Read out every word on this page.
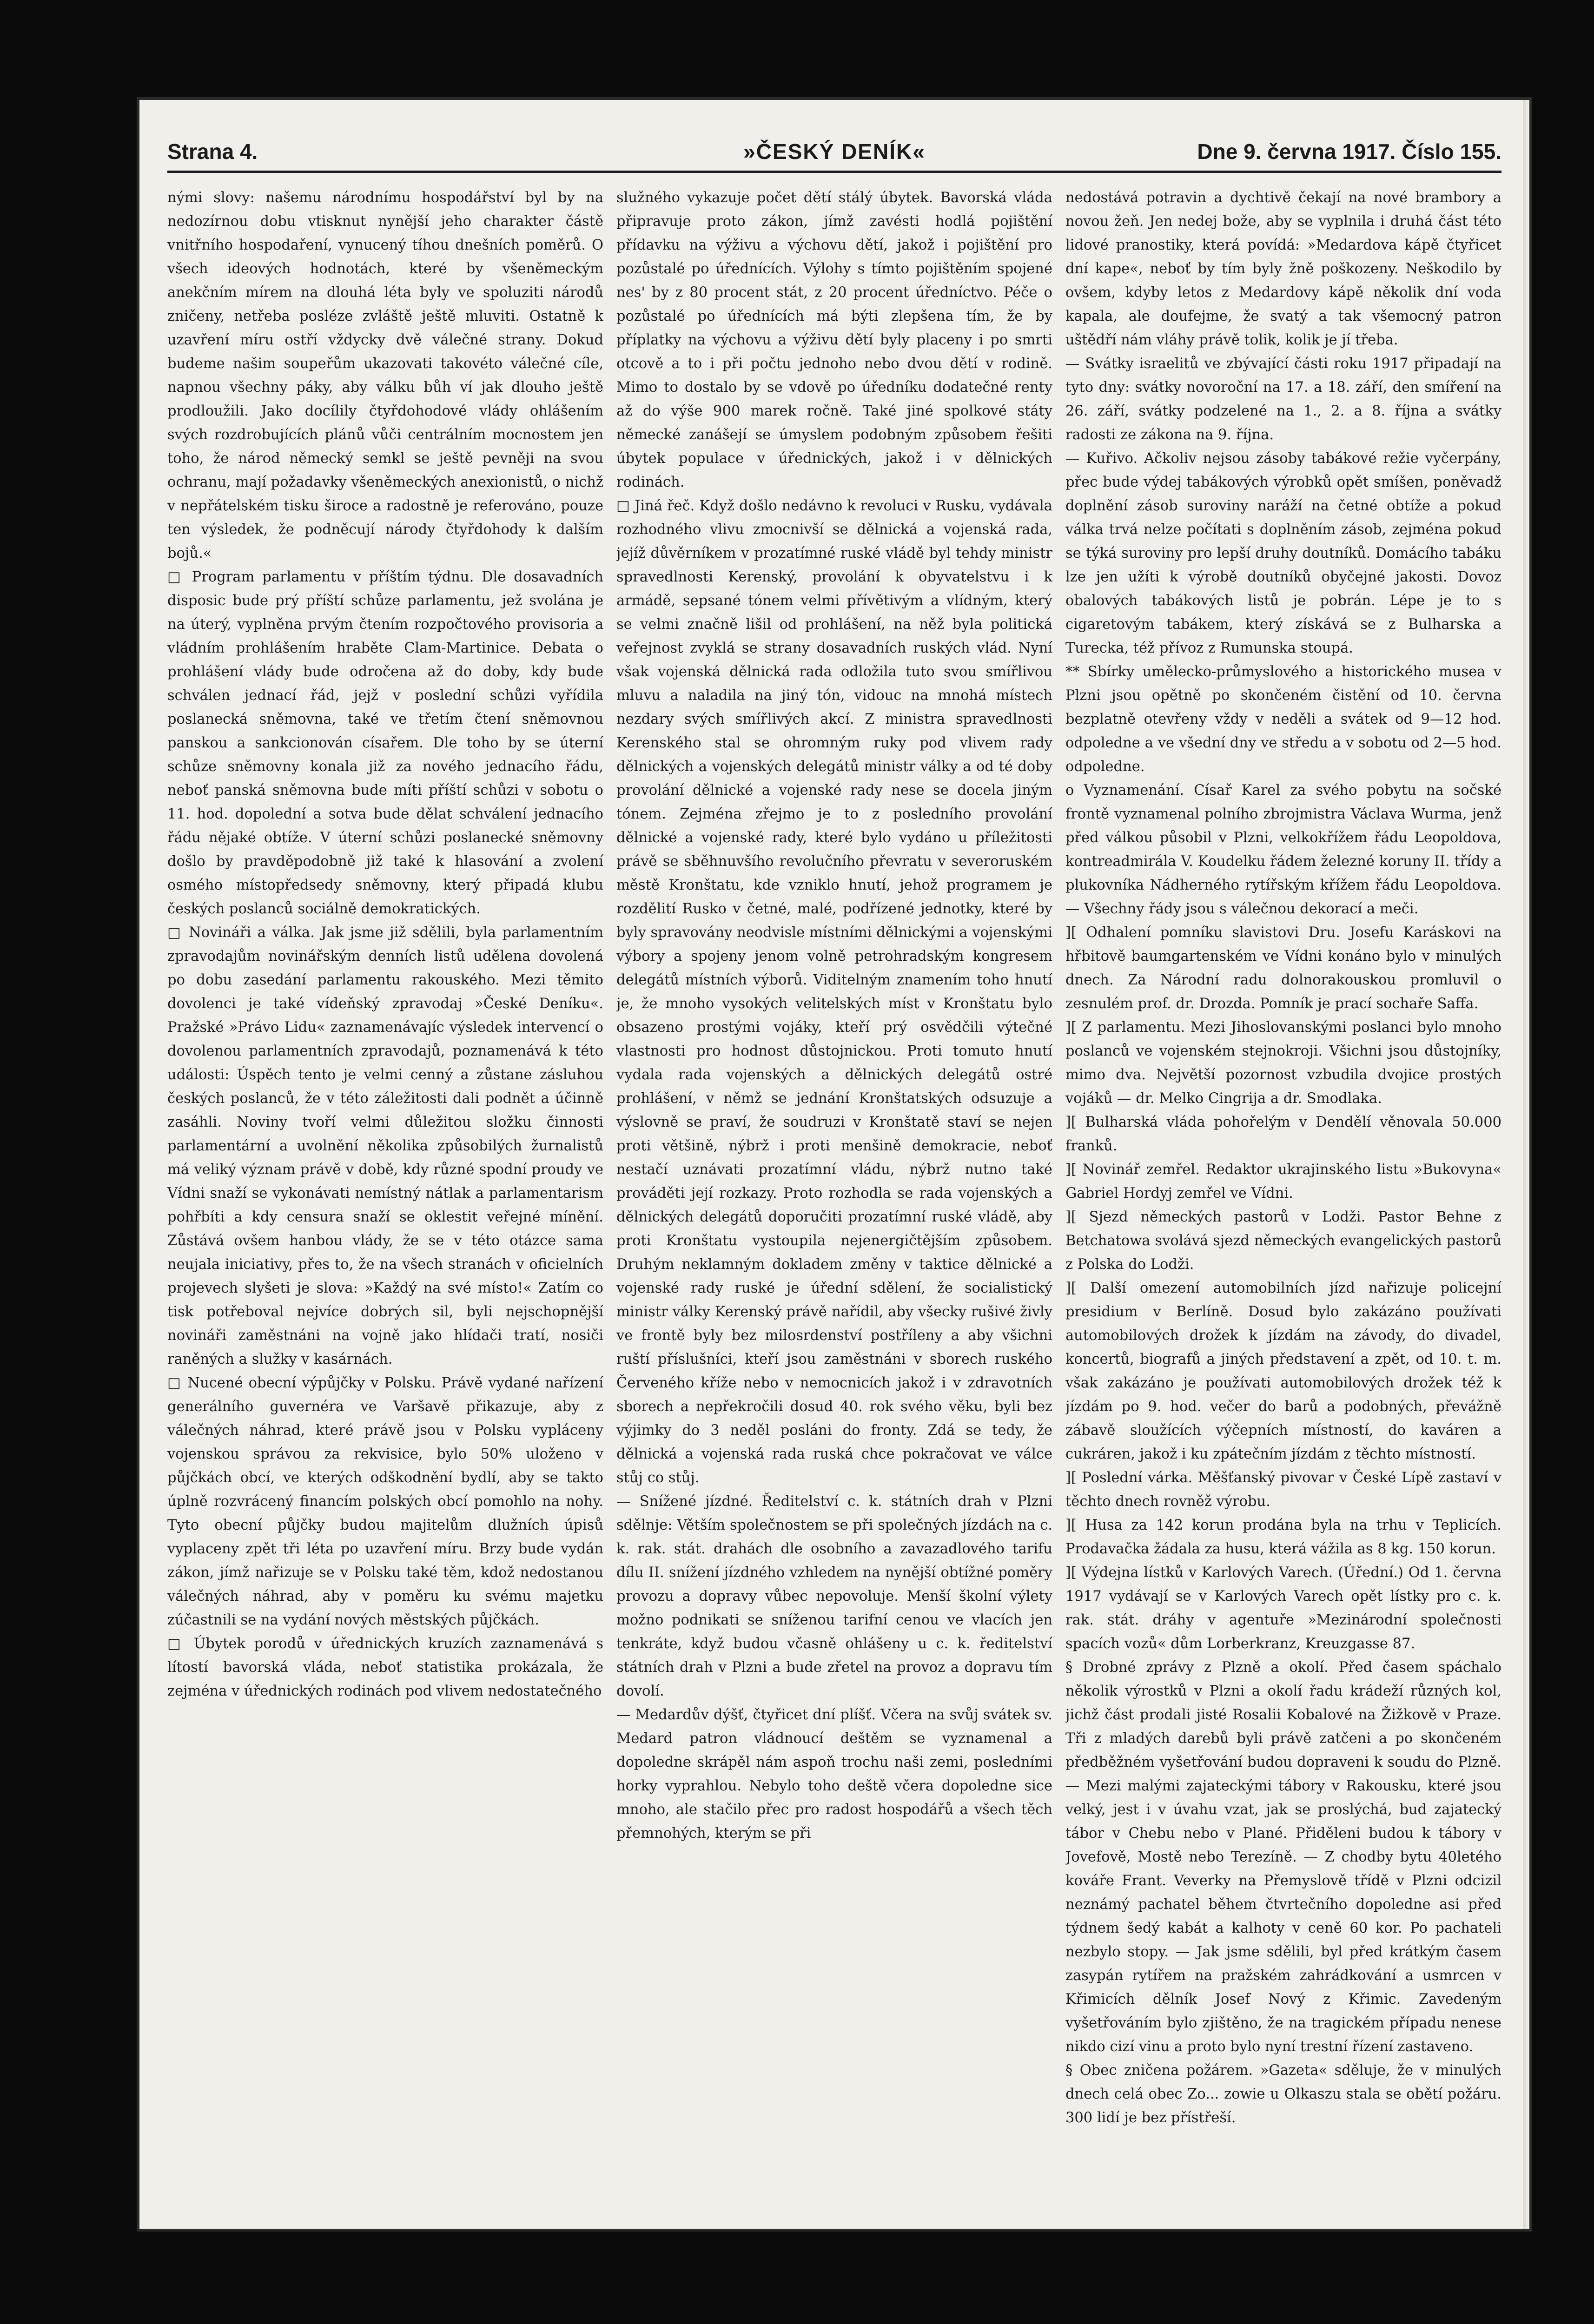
Strana 4.	»ČESKÝ DENÍK«	Dne 9. června 1917. Číslo 155.

nými slovy: našemu národnímu hospodářství byl by na nedozírnou dobu vtisknut nynější jeho charakter částě vnitřního hospodaření, vynucený tíhou dnešních poměrů. O všech ideových hodnotách, které by všeněmeckým anekčním mírem na dlouhá léta byly ve spoluziti národů zničeny, netřeba posléze zvláště ještě mluviti. Ostatně k uzavření míru ostří vždycky dvě válečné strany. Dokud budeme našim soupeřům ukazovati takovéto válečné cíle, napnou všechny páky, aby válku bůh ví jak dlouho ještě prodloužili. Jako docílily čtyřdohodové vlády ohlášením svých rozdrobujících plánů vůči centrálním mocnostem jen toho, že národ německý semkl se ještě pevněji na svou ochranu, mají požadavky všeněmeckých anexionistů, o nichž v nepřátelském tisku široce a radostně je referováno, pouze ten výsledek, že podněcují národy čtyřdohody k dalším bojů.«

□ Program parlamentu v příštím týdnu. Dle dosavadních disposic bude prý příští schůze parlamentu, jež svolána je na úterý, vyplněna prvým čtením rozpočtového provisoria a vládním prohlášením hraběte Clam-Martinice. Debata o prohlášení vlády bude odročena až do doby, kdy bude schválen jednací řád, jejž v poslední schůzi vyřídila poslanecká sněmovna, také ve třetím čtení sněmovnou panskou a sankcionován císařem. Dle toho by se úterní schůze sněmovny konala již za nového jednacího řádu, neboť panská sněmovna bude míti příští schůzi v sobotu o 11. hod. dopolední a sotva bude dělat schválení jednacího řádu nějaké obtíže. V úterní schůzi poslanecké sněmovny došlo by pravděpodobně již také k hlasování a zvolení osmého místopředsedy sněmovny, který připadá klubu českých poslanců sociálně demokratických.

□ Novináři a válka. Jak jsme již sdělili, byla parlamentním zpravodajům novinářským denních listů udělena dovolená po dobu zasedání parlamentu rakouského. Mezi těmito dovolenci je také vídeňský zpravodaj »České Deníku«. Pražské »Právo Lidu« zaznamenávajíc výsledek intervencí o dovolenou parlamentních zpravodajů, poznamenává k této události: Úspěch tento je velmi cenný a zůstane zásluhou českých poslanců, že v této záležitosti dali podnět a účinně zasáhli. Noviny tvoří velmi důležitou složku činnosti parlamentární a uvolnění několika způsobilých žurnalistů má veliký význam právě v době, kdy různé spodní proudy ve Vídni snaží se vykonávati nemístný nátlak a parlamentarism pohřbíti a kdy censura snaží se oklestit veřejné mínění. Zůstává ovšem hanbou vlády, že se v této otázce sama neujala iniciativy, přes to, že na všech stranách v oficielních projevech slyšeti je slova: »Každý na své místo!« Zatím co tisk potřeboval nejvíce dobrých sil, byli nejschopnější novináři zaměstnáni na vojně jako hlídači tratí, nosiči raněných a služky v kasárnách.

□ Nucené obecní výpůjčky v Polsku. Právě vydané nařízení generálního guvernéra ve Varšavě přikazuje, aby z válečných náhrad, které právě jsou v Polsku vypláceny vojenskou správou za rekvisice, bylo 50% uloženo v půjčkách obcí, ve kterých odškodnění bydlí, aby se takto úplně rozvrácený financím polských obcí pomohlo na nohy. Tyto obecní půjčky budou majitelům dlužních úpisů vyplaceny zpět tři léta po uzavření míru. Brzy bude vydán zákon, jímž nařizuje se v Polsku také těm, kdož nedostanou válečných náhrad, aby v poměru ku svému majetku zúčastnili se na vydání nových městských půjčkách.

□ Úbytek porodů v úřednických kruzích zaznamenává s lítostí bavorská vláda, neboť statistika prokázala, že zejména v úřednických rodinách pod vlivem nedostatečného

služného vykazuje počet dětí stálý úbytek. Bavorská vláda připravuje proto zákon, jímž zavésti hodlá pojištění přídavku na výživu a výchovu dětí, jakož i pojištění pro pozůstalé po úřednících. Výlohy s tímto pojištěním spojené nes' by z 80 procent stát, z 20 procent úředníctvo. Péče o pozůstalé po úřednících má býti zlepšena tím, že by příplatky na výchovu a výživu dětí byly placeny i po smrti otcově a to i při počtu jednoho nebo dvou dětí v rodině. Mimo to dostalo by se vdově po úředníku dodatečné renty až do výše 900 marek ročně. Také jiné spolkové státy německé zanášejí se úmyslem podobným způsobem řešiti úbytek populace v úřednických, jakož i v dělnických rodinách.

□ Jiná řeč. Když došlo nedávno k revoluci v Rusku, vydávala rozhodného vlivu zmocnivší se dělnická a vojenská rada, jejíž důvěrníkem v prozatímné ruské vládě byl tehdy ministr spravedlnosti Kerenský, provolání k obyvatelstvu i k armádě, sepsané tónem velmi přívětivým a vlídným, který se velmi značně lišil od prohlášení, na něž byla politická veřejnost zvyklá se strany dosavadních ruských vlád. Nyní však vojenská dělnická rada odložila tuto svou smířlivou mluvu a naladila na jiný tón, vidouc na mnohá místech nezdary svých smířlivých akcí. Z ministra spravedlnosti Kerenského stal se ohromným ruky pod vlivem rady dělnických a vojenských delegátů ministr války a od té doby provolání dělnické a vojenské rady nese se docela jiným tónem. Zejména zřejmo je to z posledního provolání dělnické a vojenské rady, které bylo vydáno u příležitosti právě se sběhnuvšího revolučního převratu v severoruském městě Kronštatu, kde vzniklo hnutí, jehož programem je rozdělití Rusko v četné, malé, podřízené jednotky, které by byly spravovány neodvisle místními dělnickými a vojenskými výbory a spojeny jenom volně petrohradským kongresem delegátů místních výborů. Viditelným znamením toho hnutí je, že mnoho vysokých velitelských míst v Kronštatu bylo obsazeno prostými vojáky, kteří prý osvědčili výtečné vlastnosti pro hodnost důstojnickou. Proti tomuto hnutí vydala rada vojenských a dělnických delegátů ostré prohlášení, v němž se jednání Kronštatských odsuzuje a výslovně se praví, že soudruzi v Kronštatě staví se nejen proti většině, nýbrž i proti menšině demokracie, neboť nestačí uznávati prozatímní vládu, nýbrž nutno také prováděti její rozkazy. Proto rozhodla se rada vojenských a dělnických delegátů doporučiti prozatímní ruské vládě, aby proti Kronštatu vystoupila nejenergičtějším způsobem. Druhým neklamným dokladem změny v taktice dělnické a vojenské rady ruské je úřední sdělení, že socialistický ministr války Kerenský právě nařídil, aby všecky rušivé živly ve frontě byly bez milosrdenství postříleny a aby všichni ruští příslušníci, kteří jsou zaměstnáni v sborech ruského Červeného kříže nebo v nemocnicích jakož i v zdravotních sborech a nepřekročili dosud 40. rok svého věku, byli bez výjimky do 3 neděl posláni do fronty. Zdá se tedy, že dělnická a vojenská rada ruská chce pokračovat ve válce stůj co stůj.

— Snížené jízdné. Ředitelství c. k. státních drah v Plzni sdělnje: Větším společnostem se při společných jízdách na c. k. rak. stát. drahách dle osobního a zavazadlového tarifu dílu II. snížení jízdného vzhledem na nynější obtížné poměry provozu a dopravy vůbec nepovoluje. Menší školní výlety možno podnikati se sníženou tarifní cenou ve vlacích jen tenkráte, když budou včasně ohlášeny u c. k. ředitelství státních drah v Plzni a bude zřetel na provoz a dopravu tím dovolí.

— Medardův dýšť, čtyřicet dní plíšť. Včera na svůj svátek sv. Medard patron vládnoucí deštěm se vyznamenal a dopoledne skrápěl nám aspoň trochu naši zemi, posledními horky vyprahlou. Nebylo toho deště včera dopoledne sice mnoho, ale stačilo přec pro radost hospodářů a všech těch přemnohých, kterým se při

nedostává potravin a dychtivě čekají na nové brambory a novou žeň. Jen nedej bože, aby se vyplnila i druhá část této lidové pranostiky, která povídá: »Medardova kápě čtyřicet dní kape«, neboť by tím byly žně poškozeny. Neškodilo by ovšem, kdyby letos z Medardovy kápě několik dní voda kapala, ale doufejme, že svatý a tak všemocný patron uštědří nám vláhy právě tolik, kolik je jí třeba.

— Svátky israelitů ve zbývající části roku 1917 připadají na tyto dny: svátky novoroční na 17. a 18. září, den smíření na 26. září, svátky podzelené na 1., 2. a 8. října a svátky radosti ze zákona na 9. října.

— Kuřivo. Ačkoliv nejsou zásoby tabákové režie vyčerpány, přec bude výdej tabákových výrobků opět smíšen, poněvadž doplnění zásob suroviny naráží na četné obtíže a pokud válka trvá nelze počítati s doplněním zásob, zejména pokud se týká suroviny pro lepší druhy doutníků. Domácího tabáku lze jen užíti k výrobě doutníků obyčejné jakosti. Dovoz obalových tabákových listů je pobrán. Lépe je to s cigaretovým tabákem, který získává se z Bulharska a Turecka, též přívoz z Rumunska stoupá.

** Sbírky umělecko-průmyslového a historického musea v Plzni jsou opětně po skončeném čistění od 10. června bezplatně otevřeny vždy v neděli a svátek od 9—12 hod. odpoledne a ve všední dny ve středu a v sobotu od 2—5 hod. odpoledne.

o Vyznamenání. Císař Karel za svého pobytu na sočské frontě vyznamenal polního zbrojmistra Václava Wurma, jenž před válkou působil v Plzni, velkokřížem řádu Leopoldova, kontreadmirála V. Koudelku řádem železné koruny II. třídy a plukovníka Nádherného rytířským křížem řádu Leopoldova. — Všechny řády jsou s válečnou dekorací a meči.

][ Odhalení pomníku slavistovi Dru. Josefu Karáskovi na hřbitově baumgartenském ve Vídni konáno bylo v minulých dnech. Za Národní radu dolnorakouskou promluvil o zesnulém prof. dr. Drozda. Pomník je prací sochaře Saffa.

][ Z parlamentu. Mezi Jihoslovanskými poslanci bylo mnoho poslanců ve vojenském stejnokroji. Všichni jsou důstojníky, mimo dva. Největší pozornost vzbudila dvojice prostých vojáků — dr. Melko Cingrija a dr. Smodlaka.

][ Bulharská vláda pohořelým v Dendělí věnovala 50.000 franků.

][ Novinář zemřel. Redaktor ukrajinského listu »Bukovyna« Gabriel Hordyj zemřel ve Vídni.

][ Sjezd německých pastorů v Lodži. Pastor Behne z Betchatowa svolává sjezd německých evangelických pastorů z Polska do Lodži.

][ Další omezení automobilních jízd nařizuje policejní presidium v Berlíně. Dosud bylo zakázáno používati automobilových drožek k jízdám na závody, do divadel, koncertů, biografů a jiných představení a zpět, od 10. t. m. však zakázáno je používati automobilových drožek též k jízdám po 9. hod. večer do barů a podobných, převážně zábavě sloužících výčepních místností, do kaváren a cukráren, jakož i ku zpátečním jízdám z těchto místností.

][ Poslední várka. Měšťanský pivovar v České Lípě zastaví v těchto dnech rovněž výrobu.

][ Husa za 142 korun prodána byla na trhu v Teplicích. Prodavačka žádala za husu, která vážila as 8 kg. 150 korun.

][ Výdejna lístků v Karlových Varech. (Úřední.) Od 1. června 1917 vydávají se v Karlových Varech opět lístky pro c. k. rak. stát. dráhy v agentuře »Mezinárodní společnosti spacích vozů« dům Lorberkranz, Kreuzgasse 87.

§ Drobné zprávy z Plzně a okolí. Před časem spáchalo několik výrostků v Plzni a okolí řadu krádeží různých kol, jichž část prodali jisté Rosalii Kobalové na Žižkově v Praze. Tři z mladých darebů byli právě zatčeni a po skončeném předběžném vyšetřování budou dopraveni k soudu do Plzně. — Mezi malými zajateckými tábory v Rakousku, které jsou velký, jest i v úvahu vzat, jak se proslýchá, bud zajatecký tábor v Chebu nebo v Plané. Přiděleni budou k tábory v Jovefově, Mostě nebo Terezíně. — Z chodby bytu 40letého kováře Frant. Veverky na Přemyslově třídě v Plzni odcizil neznámý pachatel během čtvrtečního dopoledne asi před týdnem šedý kabát a kalhoty v ceně 60 kor. Po pachateli nezbylo stopy. — Jak jsme sdělili, byl před krátkým časem zasypán rytířem na pražském zahrádkování a usmrcen v Křimicích dělník Josef Nový z Křimic. Zavedeným vyšetřováním bylo zjištěno, že na tragickém případu nenese nikdo cizí vinu a proto bylo nyní trestní řízení zastaveno.

§ Obec zničena požárem. »Gazeta« sděluje, že v minulých dnech celá obec Zo... zowie u Olkaszu stala se obětí požáru. 300 lidí je bez přístřeší.
